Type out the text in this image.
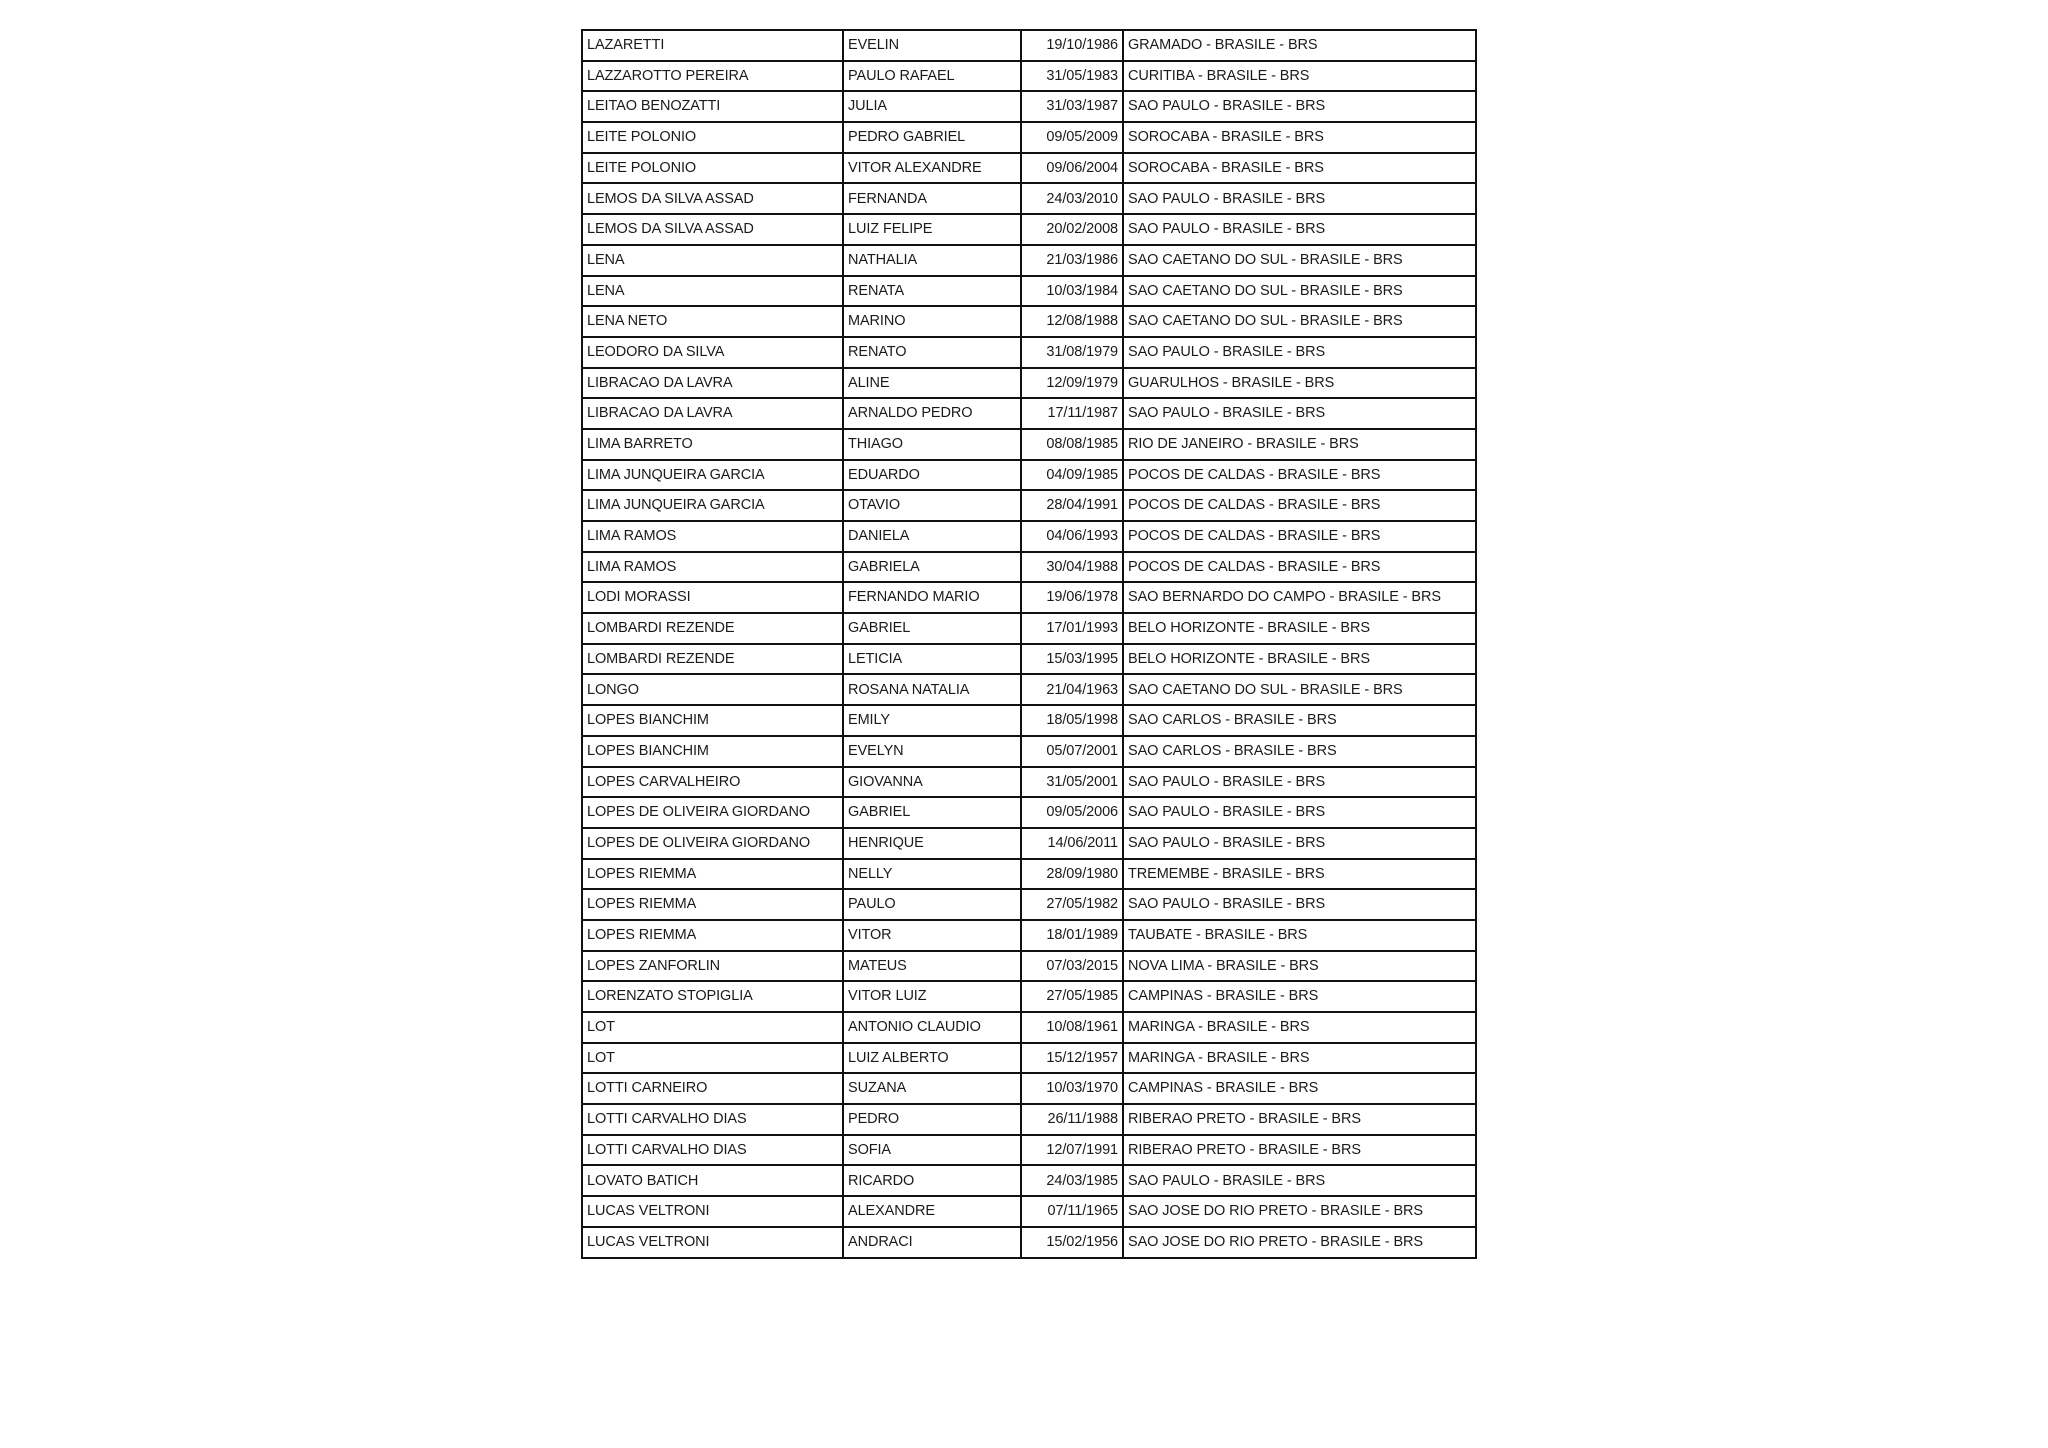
LAZARETTI	EVELIN	19/10/1986	GRAMADO - BRASILE - BRS
LAZZAROTTO PEREIRA	PAULO RAFAEL	31/05/1983	CURITIBA - BRASILE - BRS
LEITAO BENOZATTI	JULIA	31/03/1987	SAO PAULO - BRASILE - BRS
LEITE POLONIO	PEDRO GABRIEL	09/05/2009	SOROCABA - BRASILE - BRS
LEITE POLONIO	VITOR ALEXANDRE	09/06/2004	SOROCABA - BRASILE - BRS
LEMOS DA SILVA ASSAD	FERNANDA	24/03/2010	SAO PAULO - BRASILE - BRS
LEMOS DA SILVA ASSAD	LUIZ FELIPE	20/02/2008	SAO PAULO - BRASILE - BRS
LENA	NATHALIA	21/03/1986	SAO CAETANO DO SUL - BRASILE - BRS
LENA	RENATA	10/03/1984	SAO CAETANO DO SUL - BRASILE - BRS
LENA NETO	MARINO	12/08/1988	SAO CAETANO DO SUL - BRASILE - BRS
LEODORO DA SILVA	RENATO	31/08/1979	SAO PAULO - BRASILE - BRS
LIBRACAO DA LAVRA	ALINE	12/09/1979	GUARULHOS - BRASILE - BRS
LIBRACAO DA LAVRA	ARNALDO PEDRO	17/11/1987	SAO PAULO - BRASILE - BRS
LIMA BARRETO	THIAGO	08/08/1985	RIO DE JANEIRO - BRASILE - BRS
LIMA JUNQUEIRA GARCIA	EDUARDO	04/09/1985	POCOS DE CALDAS - BRASILE - BRS
LIMA JUNQUEIRA GARCIA	OTAVIO	28/04/1991	POCOS DE CALDAS - BRASILE - BRS
LIMA RAMOS	DANIELA	04/06/1993	POCOS DE CALDAS - BRASILE - BRS
LIMA RAMOS	GABRIELA	30/04/1988	POCOS DE CALDAS - BRASILE - BRS
LODI MORASSI	FERNANDO MARIO	19/06/1978	SAO BERNARDO DO CAMPO - BRASILE - BRS
LOMBARDI REZENDE	GABRIEL	17/01/1993	BELO HORIZONTE - BRASILE - BRS
LOMBARDI REZENDE	LETICIA	15/03/1995	BELO HORIZONTE - BRASILE - BRS
LONGO	ROSANA NATALIA	21/04/1963	SAO CAETANO DO SUL - BRASILE - BRS
LOPES BIANCHIM	EMILY	18/05/1998	SAO CARLOS - BRASILE - BRS
LOPES BIANCHIM	EVELYN	05/07/2001	SAO CARLOS - BRASILE - BRS
LOPES CARVALHEIRO	GIOVANNA	31/05/2001	SAO PAULO - BRASILE - BRS
LOPES DE OLIVEIRA GIORDANO	GABRIEL	09/05/2006	SAO PAULO - BRASILE - BRS
LOPES DE OLIVEIRA GIORDANO	HENRIQUE	14/06/2011	SAO PAULO - BRASILE - BRS
LOPES RIEMMA	NELLY	28/09/1980	TREMEMBE - BRASILE - BRS
LOPES RIEMMA	PAULO	27/05/1982	SAO PAULO - BRASILE - BRS
LOPES RIEMMA	VITOR	18/01/1989	TAUBATE - BRASILE - BRS
LOPES ZANFORLIN	MATEUS	07/03/2015	NOVA LIMA - BRASILE - BRS
LORENZATO STOPIGLIA	VITOR LUIZ	27/05/1985	CAMPINAS - BRASILE - BRS
LOT	ANTONIO CLAUDIO	10/08/1961	MARINGA - BRASILE - BRS
LOT	LUIZ ALBERTO	15/12/1957	MARINGA - BRASILE - BRS
LOTTI CARNEIRO	SUZANA	10/03/1970	CAMPINAS - BRASILE - BRS
LOTTI CARVALHO DIAS	PEDRO	26/11/1988	RIBERAO PRETO - BRASILE - BRS
LOTTI CARVALHO DIAS	SOFIA	12/07/1991	RIBERAO PRETO - BRASILE - BRS
LOVATO BATICH	RICARDO	24/03/1985	SAO PAULO - BRASILE - BRS
LUCAS VELTRONI	ALEXANDRE	07/11/1965	SAO JOSE DO RIO PRETO - BRASILE - BRS
LUCAS VELTRONI	ANDRACI	15/02/1956	SAO JOSE DO RIO PRETO - BRASILE - BRS
